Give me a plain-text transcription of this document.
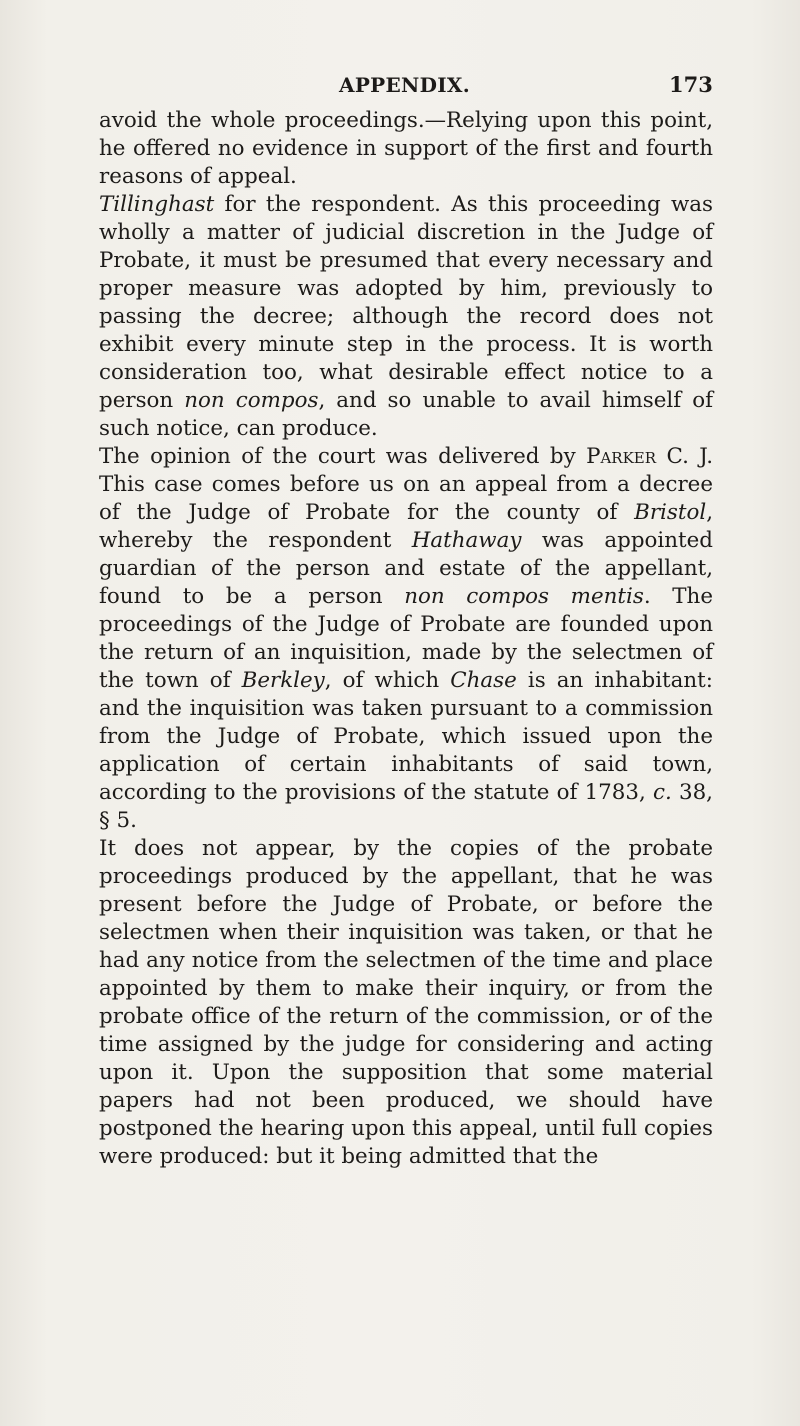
APPENDIX.	173

avoid the whole proceedings.—Relying upon this point, he offered no evidence in support of the first and fourth reasons of appeal.

Tillinghast for the respondent. As this proceeding was wholly a matter of judicial discretion in the Judge of Probate, it must be presumed that every necessary and proper measure was adopted by him, previously to passing the decree; although the record does not exhibit every minute step in the process. It is worth consideration too, what desirable effect notice to a person non compos, and so unable to avail himself of such notice, can produce.

The opinion of the court was delivered by Parker C. J. This case comes before us on an appeal from a decree of the Judge of Probate for the county of Bristol, whereby the respondent Hathaway was appointed guardian of the person and estate of the appellant, found to be a person non compos mentis. The proceedings of the Judge of Probate are founded upon the return of an inquisition, made by the selectmen of the town of Berkley, of which Chase is an inhabitant: and the inquisition was taken pursuant to a commission from the Judge of Probate, which issued upon the application of certain inhabitants of said town, according to the provisions of the statute of 1783, c. 38, § 5.

It does not appear, by the copies of the probate proceedings produced by the appellant, that he was present before the Judge of Probate, or before the selectmen when their inquisition was taken, or that he had any notice from the selectmen of the time and place appointed by them to make their inquiry, or from the probate office of the return of the commission, or of the time assigned by the judge for considering and acting upon it. Upon the supposition that some material papers had not been produced, we should have postponed the hearing upon this appeal, until full copies were produced: but it being admitted that the
